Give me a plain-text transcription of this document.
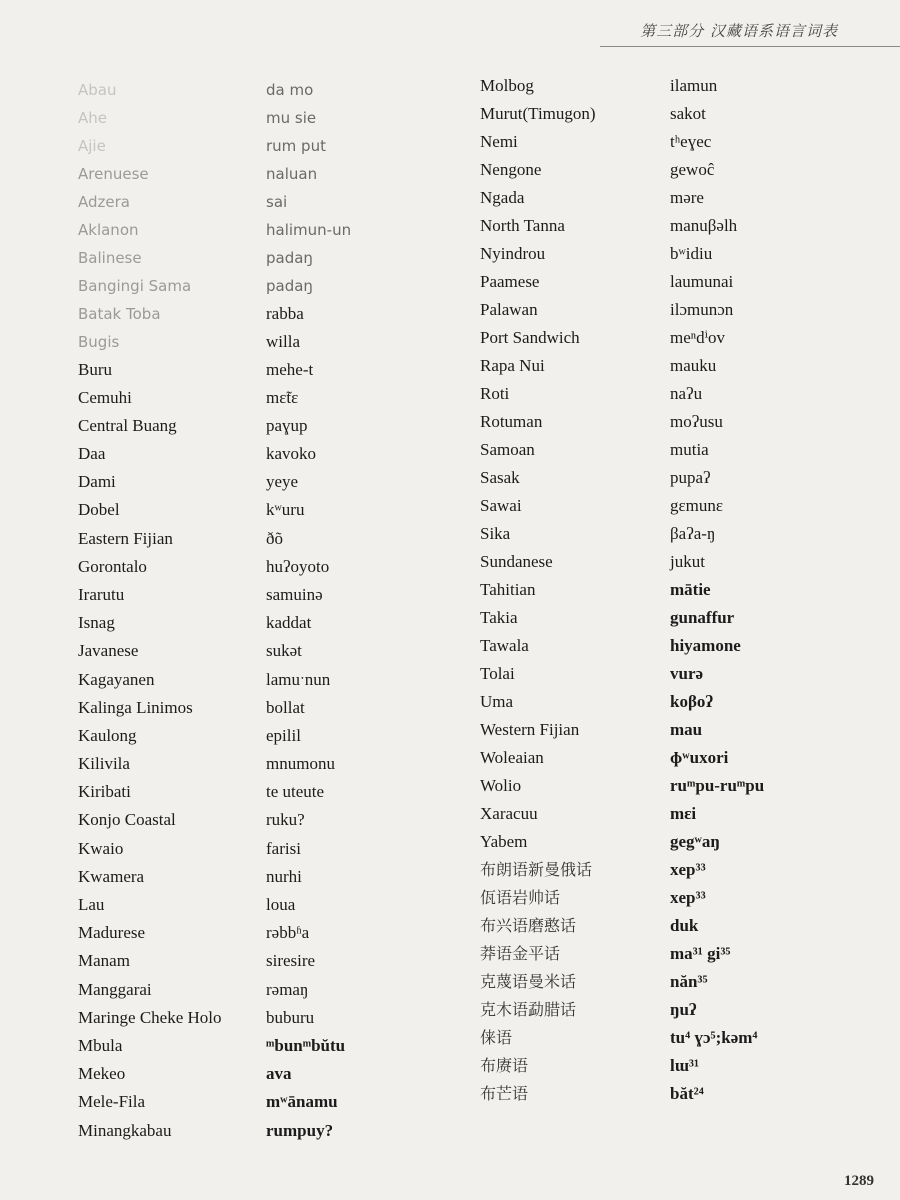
第三部分 汉藏语系语言词表
Abau	da mo
Ahe	mu sie
Ajie	rum put
Arenuese	naluan
Adzera	sai
Aklanon	halimun-un
Balinese	padaŋ
Bangingi Sama	padaŋ
Batak Toba	rabba
Bugis	willa
Buru	mehe-t
Cemuhi	mɛ̃tɛ
Central Buang	paɣup
Daa	kavoko
Dami	yeye
Dobel	kʷuru
Eastern Fijian	ðõ
Gorontalo	huʔoyoto
Irarutu	samuinə
Isnag	kaddat
Javanese	sukət
Kagayanen	lamuˑnun
Kalinga Linimos	bollat
Kaulong	epilil
Kilivila	mnumonu
Kiribati	te uteute
Konjo Coastal	ruku?
Kwaio	farisi
Kwamera	nurhi
Lau	loua
Madurese	rəbbʱa
Manam	siresire
Manggarai	rəmaŋ
Maringe Cheke Holo	buburu
Mbula	ᵐbunᵐbŭtu
Mekeo	ava
Mele-Fila	mʷānamu
Minangkabau	rumpuy?
Molbog	ilamun
Murut(Timugon)	sakot
Nemi	tʰeɣec
Nengone	gewoĉ
Ngada	məre
North Tanna	manuβəlh
Nyindrou	bʷidiu
Paamese	laumunai
Palawan	ilɔmunɔn
Port Sandwich	meⁿdⁱov
Rapa Nui	mauku
Roti	naʔu
Rotuman	moʔusu
Samoan	mutia
Sasak	pupaʔ
Sawai	gɛmunɛ
Sika	βaʔa-ŋ
Sundanese	jukut
Tahitian	mātie
Takia	gunaffur
Tawala	hiyamone
Tolai	vurə
Uma	koβoʔ
Western Fijian	mau
Woleaian	ɸʷuxori
Wolio	ruᵐpu-ruᵐpu
Xaracuu	mɛi
Yabem	gegʷaŋ
布朗语新曼俄话	xep³³
佤语岩帅话	xep³³
布兴语磨憨话	duk
莽语金平话	ma³¹ gi³⁵
克蔑语曼米话	năn³⁵
克木语勐腊话	ŋuʔ
俫语	tu⁴ ɣɔ⁵;kəm⁴
布赓语	lɯ³¹
布芒语	băt²⁴
1289
